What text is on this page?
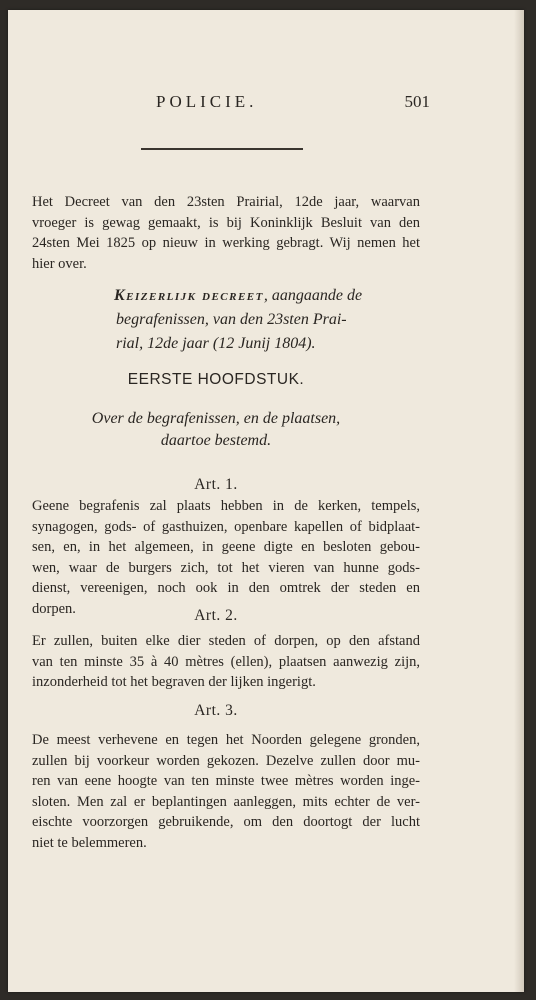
POLICIE.	501
Het Decreet van den 23sten Prairial, 12de jaar, waarvan
vroeger is gewag gemaakt, is bij Koninklijk Besluit van den
24sten Mei 1825 op nieuw in werking gebragt. Wij nemen het
hier over.
Keizerlijk decreet, aangaande de
begrafenissen, van den 23sten Prai-
rial, 12de jaar (12 Junij 1804).
EERSTE HOOFDSTUK.
Over de begrafenissen, en de plaatsen,
daartoe bestemd.
Art. 1.
Geene begrafenis zal plaats hebben in de kerken, tempels,
synagogen, gods- of gasthuizen, openbare kapellen of bidplaat-
sen, en, in het algemeen, in geene digte en besloten gebou-
wen, waar de burgers zich, tot het vieren van hunne gods-
dienst, vereenigen, noch ook in den omtrek der steden en
dorpen.	Art. 2.
Er zullen, buiten elke dier steden of dorpen, op den afstand
van ten minste 35 à 40 mètres (ellen), plaatsen aanwezig zijn,
inzonderheid tot het begraven der lijken ingerigt.
Art. 3.
De meest verhevene en tegen het Noorden gelegene gronden,
zullen bij voorkeur worden gekozen. Dezelve zullen door mu-
ren van eene hoogte van ten minste twee mètres worden inge-
sloten. Men zal er beplantingen aanleggen, mits echter de ver-
eischte voorzorgen gebruikende, om den doortogt der lucht
niet te belemmeren.
